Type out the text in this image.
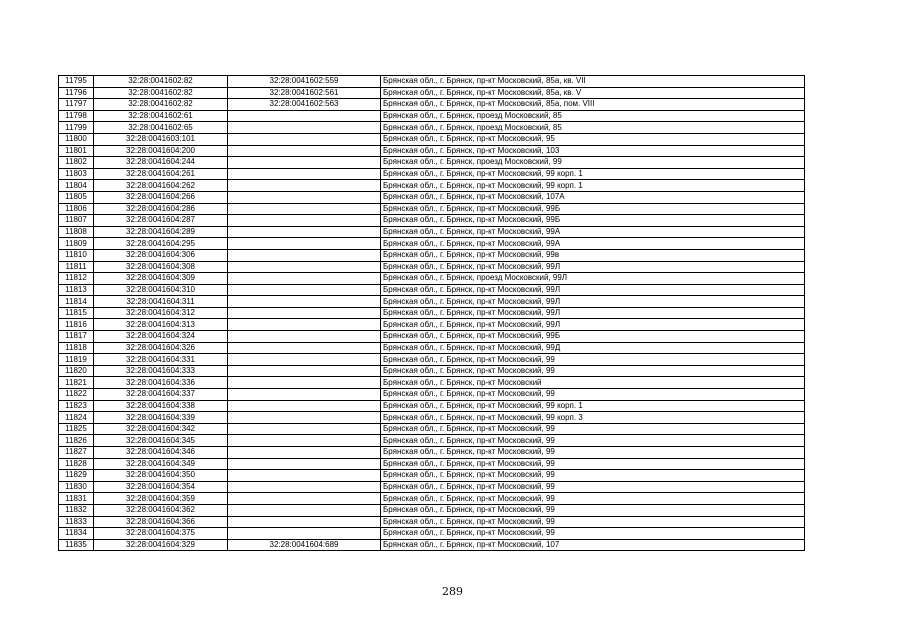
11795	32:28:0041602:82	32:28:0041602:559	Брянская обл., г. Брянск, пр-кт Московский, 85а, кв. VII
11796	32:28:0041602:82	32:28:0041602:561	Брянская обл., г. Брянск, пр-кт Московский, 85а, кв. V
11797	32:28:0041602:82	32:28:0041602:563	Брянская обл., г. Брянск, пр-кт Московский, 85а, пом. VIII
11798	32:28:0041602:61		Брянская обл., г. Брянск, проезд Московский, 85
11799	32:28:0041602:65		Брянская обл., г. Брянск, проезд Московский, 85
11800	32:28:0041603:101		Брянская обл., г. Брянск, пр-кт Московский, 95
11801	32:28:0041604:200		Брянская обл., г. Брянск, пр-кт Московский, 103
11802	32:28:0041604:244		Брянская обл., г. Брянск, проезд Московский, 99
11803	32:28:0041604:261		Брянская обл., г. Брянск, пр-кт Московский, 99 корп. 1
11804	32:28:0041604:262		Брянская обл., г. Брянск, пр-кт Московский, 99 корп. 1
11805	32:28:0041604:266		Брянская обл., г. Брянск, пр-кт Московский, 107А
11806	32:28:0041604:286		Брянская обл., г. Брянск, пр-кт Московский, 99Б
11807	32:28:0041604:287		Брянская обл., г. Брянск, пр-кт Московский, 99Б
11808	32:28:0041604:289		Брянская обл., г. Брянск, пр-кт Московский, 99А
11809	32:28:0041604:295		Брянская обл., г. Брянск, пр-кт Московский, 99А
11810	32:28:0041604:306		Брянская обл., г. Брянск, пр-кт Московский, 99в
11811	32:28:0041604:308		Брянская обл., г. Брянск, пр-кт Московский, 99Л
11812	32:28:0041604:309		Брянская обл., г. Брянск, проезд Московский, 99Л
11813	32:28:0041604:310		Брянская обл., г. Брянск, пр-кт Московский, 99Л
11814	32:28:0041604:311		Брянская обл., г. Брянск, пр-кт Московский, 99Л
11815	32:28:0041604:312		Брянская обл., г. Брянск, пр-кт Московский, 99Л
11816	32:28:0041604:313		Брянская обл., г. Брянск, пр-кт Московский, 99Л
11817	32:28:0041604:324		Брянская обл., г. Брянск, пр-кт Московский, 99Б
11818	32:28:0041604:326		Брянская обл., г. Брянск, пр-кт Московский, 99Д
11819	32:28:0041604:331		Брянская обл., г. Брянск, пр-кт Московский, 99
11820	32:28:0041604:333		Брянская обл., г. Брянск, пр-кт Московский, 99
11821	32:28:0041604:336		Брянская обл., г. Брянск, пр-кт Московский
11822	32:28:0041604:337		Брянская обл., г. Брянск, пр-кт Московский, 99
11823	32:28:0041604:338		Брянская обл., г. Брянск, пр-кт Московский, 99 корп. 1
11824	32:28:0041604:339		Брянская обл., г. Брянск, пр-кт Московский, 99 корп. 3
11825	32:28:0041604:342		Брянская обл., г. Брянск, пр-кт Московский, 99
11826	32:28:0041604:345		Брянская обл., г. Брянск, пр-кт Московский, 99
11827	32:28:0041604:346		Брянская обл., г. Брянск, пр-кт Московский, 99
11828	32:28:0041604:349		Брянская обл., г. Брянск, пр-кт Московский, 99
11829	32:28:0041604:350		Брянская обл., г. Брянск, пр-кт Московский, 99
11830	32:28:0041604:354		Брянская обл., г. Брянск, пр-кт Московский, 99
11831	32:28:0041604:359		Брянская обл., г. Брянск, пр-кт Московский, 99
11832	32:28:0041604:362		Брянская обл., г. Брянск, пр-кт Московский, 99
11833	32:28:0041604:366		Брянская обл., г. Брянск, пр-кт Московский, 99
11834	32:28:0041604:375		Брянская обл., г. Брянск, пр-кт Московский, 99
11835	32:28:0041604:329	32:28:0041604:689	Брянская обл., г. Брянск, пр-кт Московский, 107
289
